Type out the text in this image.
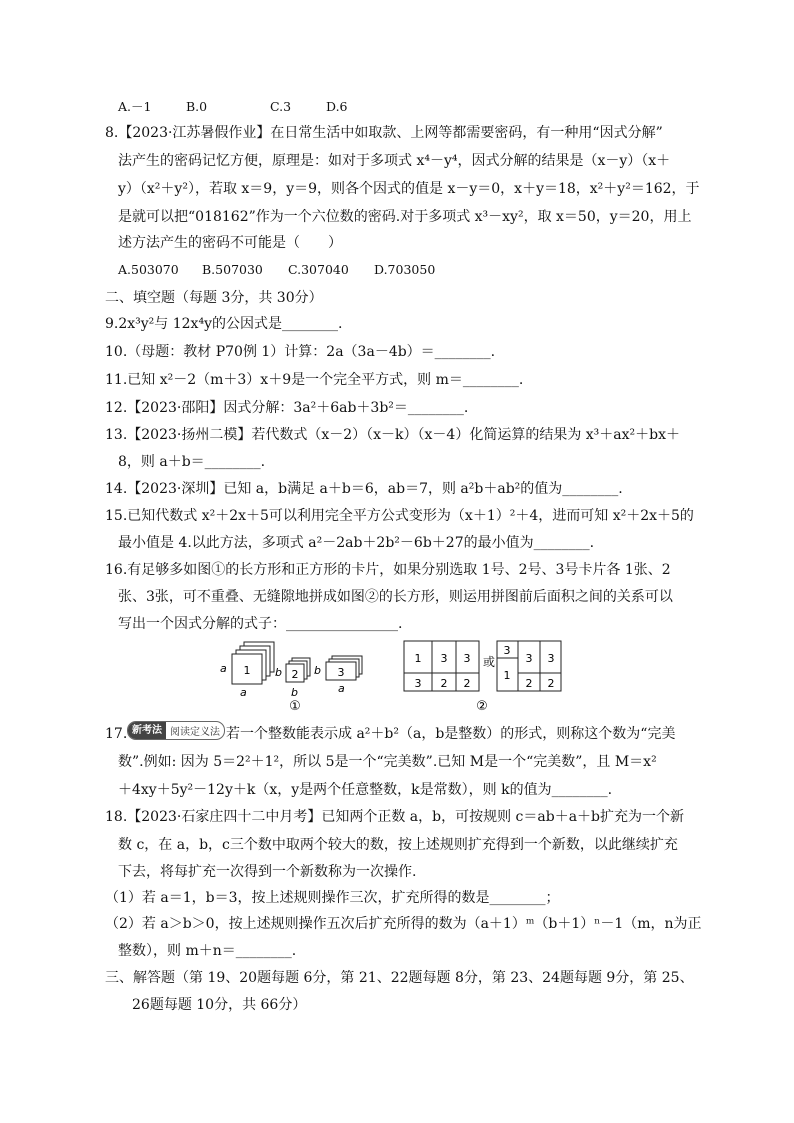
A.－1	B.0	C.3	D.6
8.【2023·江苏暑假作业】在日常生活中如取款、上网等都需要密码，有一种用“因式分解”
法产生的密码记忆方便，原理是：如对于多项式 x⁴－y⁴，因式分解的结果是（x－y）（x＋
y）（x²＋y²），若取 x＝9，y＝9，则各个因式的值是 x－y＝0，x＋y＝18，x²＋y²＝162，于
是就可以把“018162”作为一个六位数的密码.对于多项式 x³－xy²，取 x＝50，y＝20，用上
述方法产生的密码不可能是（　　）
A.503070 B.507030 C.307040 D.703050
二、填空题（每题 3分，共 30分）
9.2x³y²与 12x⁴y的公因式是________.
10.（母题：教材 P70例 1）计算：2a（3a－4b）＝________.
11.已知 x²－2（m＋3）x＋9是一个完全平方式，则 m＝________.
12.【2023·邵阳】因式分解：3a²＋6ab＋3b²＝________.
13.【2023·扬州二模】若代数式（x－2）（x－k）（x－4）化简运算的结果为 x³＋ax²＋bx＋
8，则 a＋b＝________.
14.【2023·深圳】已知 a，b满足 a＋b＝6，ab＝7，则 a²b＋ab²的值为________.
15.已知代数式 x²＋2x＋5可以利用完全平方公式变形为（x＋1）²＋4，进而可知 x²＋2x＋5的
最小值是 4.以此方法，多项式 a²－2ab＋2b²－6b＋27的最小值为________.
16.有足够多如图①的长方形和正方形的卡片，如果分别选取 1号、2号、3号卡片各 1张、2
张、3张，可不重叠、无缝隙地拼成如图②的长方形，则运用拼图前后面积之间的关系可以
写出一个因式分解的式子：________________.
1	2	3
a
a
b
b
b
a
①
1 3 3
3 2 2
或
3
1
3 3
2 2
②
17. 新考法 阅读定义法 若一个整数能表示成 a²＋b²（a，b是整数）的形式，则称这个数为“完美
数”.例如: 因为 5＝2²＋1²，所以 5是一个“完美数”.已知 M是一个“完美数”，且 M＝x²
＋4xy＋5y²－12y＋k（x，y是两个任意整数，k是常数），则 k的值为________.
18.【2023·石家庄四十二中月考】已知两个正数 a，b，可按规则 c＝ab＋a＋b扩充为一个新
数 c，在 a，b，c三个数中取两个较大的数，按上述规则扩充得到一个新数，以此继续扩充
下去，将每扩充一次得到一个新数称为一次操作.
（1）若 a＝1，b＝3，按上述规则操作三次，扩充所得的数是________；
（2）若 a＞b＞0，按上述规则操作五次后扩充所得的数为（a＋1）ᵐ（b＋1）ⁿ－1（m，n为正
整数），则 m＋n＝________.
三、解答题（第 19、20题每题 6分，第 21、22题每题 8分，第 23、24题每题 9分，第 25、
26题每题 10分，共 66分）
